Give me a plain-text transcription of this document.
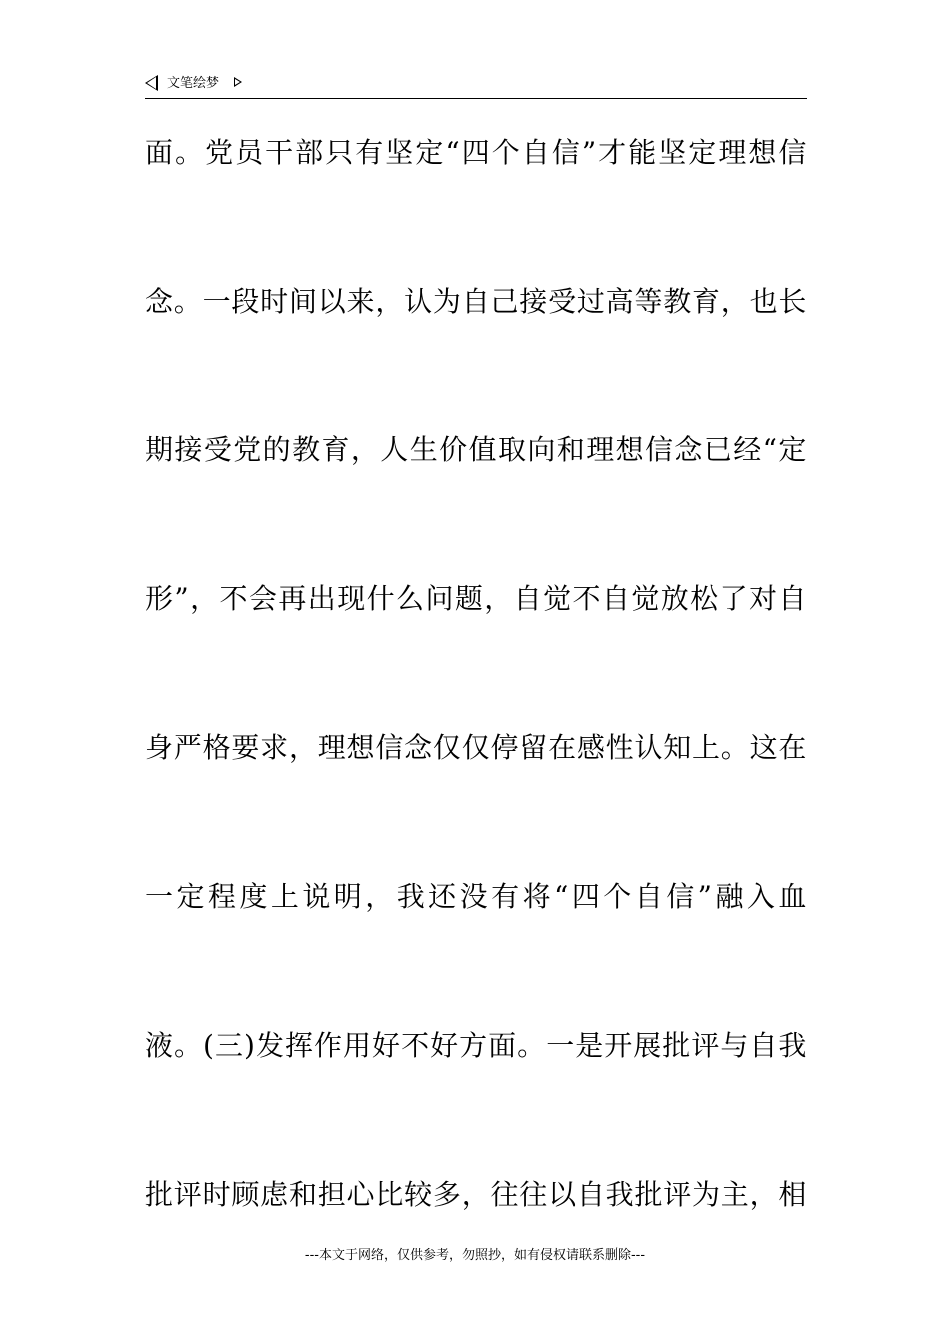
文笔绘梦
面。党员干部只有坚定“四个自信”才能坚定理想信
念。一段时间以来，认为自己接受过高等教育，也长
期接受党的教育，人生价值取向和理想信念已经“定
形”，不会再出现什么问题，自觉不自觉放松了对自
身严格要求，理想信念仅仅停留在感性认知上。这在
一定程度上说明，我还没有将“四个自信”融入血
液。(三)发挥作用好不好方面。一是开展批评与自我
批评时顾虑和担心比较多，往往以自我批评为主，相
---本文于网络，仅供参考，勿照抄，如有侵权请联系删除---
